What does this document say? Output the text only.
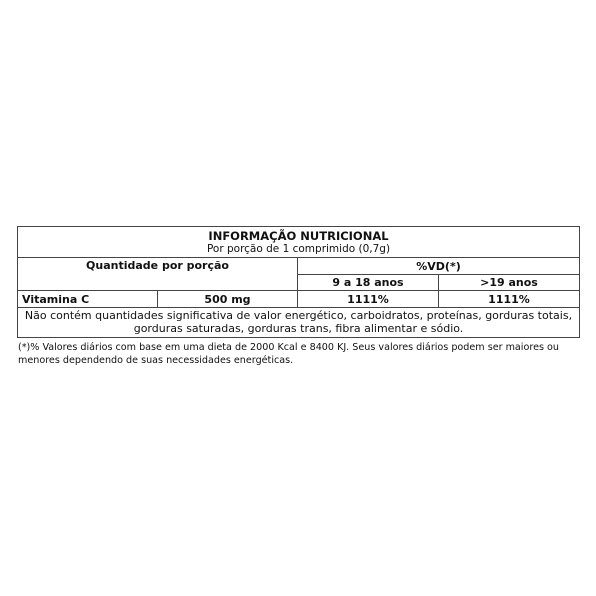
INFORMAÇÃO NUTRICIONAL
Por porção de 1 comprimido (0,7g)			

Quantidade por porção		%VD(*)	
		9 a 18 anos	>19 anos
Vitamina C	500 mg	1111%	1111%
Não contém quantidades significativa de valor energético, carboidratos, proteínas, gorduras totais, gorduras saturadas, gorduras trans, fibra alimentar e sódio.			
(*)% Valores diários com base em uma dieta de 2000 Kcal e 8400 KJ. Seus valores diários podem ser maiores ou menores dependendo de suas necessidades energéticas.
